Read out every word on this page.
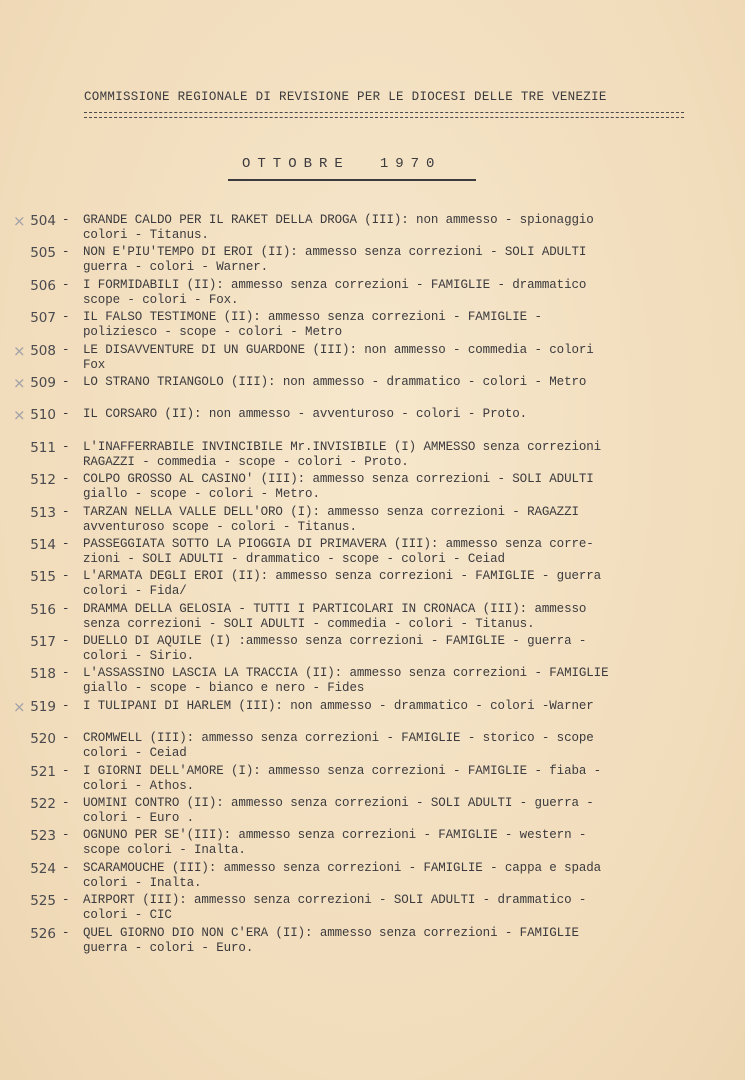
COMMISSIONE REGIONALE DI REVISIONE PER LE DIOCESI DELLE TRE VENEZIE
OTTOBRE 1970
× 504 - GRANDE CALDO PER IL RAKET DELLA DROGA (III): non ammesso - spionaggio
colori - Titanus.
505 - NON E'PIU'TEMPO DI EROI (II): ammesso senza correzioni - SOLI ADULTI
guerra - colori - Warner.
506 - I FORMIDABILI (II): ammesso senza correzioni - FAMIGLIE - drammatico
scope - colori - Fox.
507 - IL FALSO TESTIMONE (II): ammesso senza correzioni - FAMIGLIE -
poliziesco - scope - colori - Metro
× 508 - LE DISAVVENTURE DI UN GUARDONE (III): non ammesso - commedia - colori
Fox
× 509 - LO STRANO TRIANGOLO (III): non ammesso - drammatico - colori - Metro
× 510 - IL CORSARO (II): non ammesso - avventuroso - colori - Proto.
511 - L'INAFFERRABILE INVINCIBILE Mr.INVISIBILE (I) AMMESSO senza correzioni
RAGAZZI - commedia - scope - colori - Proto.
512 - COLPO GROSSO AL CASINO' (III): ammesso senza correzioni - SOLI ADULTI
giallo - scope - colori - Metro.
513 - TARZAN NELLA VALLE DELL'ORO (I): ammesso senza correzioni - RAGAZZI
avventuroso scope - colori - Titanus.
514 - PASSEGGIATA SOTTO LA PIOGGIA DI PRIMAVERA (III): ammesso senza corre-
zioni - SOLI ADULTI - drammatico - scope - colori - Ceiad
515 - L'ARMATA DEGLI EROI (II): ammesso senza correzioni - FAMIGLIE - guerra
colori - Fida/
516 - DRAMMA DELLA GELOSIA - TUTTI I PARTICOLARI IN CRONACA (III): ammesso
senza correzioni - SOLI ADULTI - commedia - colori - Titanus.
517 - DUELLO DI AQUILE (I) :ammesso senza correzioni - FAMIGLIE - guerra -
colori - Sirio.
518 - L'ASSASSINO LASCIA LA TRACCIA (II): ammesso senza correzioni - FAMIGLIE
giallo - scope - bianco e nero - Fides
× 519 - I TULIPANI DI HARLEM (III): non ammesso - drammatico - colori -Warner
520 - CROMWELL (III): ammesso senza correzioni - FAMIGLIE - storico - scope
colori - Ceiad
521 - I GIORNI DELL'AMORE (I): ammesso senza correzioni - FAMIGLIE - fiaba -
colori - Athos.
522 - UOMINI CONTRO (II): ammesso senza correzioni - SOLI ADULTI - guerra -
colori - Euro .
523 - OGNUNO PER SE'(III): ammesso senza correzioni - FAMIGLIE - western -
scope colori - Inalta.
524 - SCARAMOUCHE (III): ammesso senza correzioni - FAMIGLIE - cappa e spada
colori - Inalta.
525 - AIRPORT (III): ammesso senza correzioni - SOLI ADULTI - drammatico -
colori - CIC
526 - QUEL GIORNO DIO NON C'ERA (II): ammesso senza correzioni - FAMIGLIE
guerra - colori - Euro.
